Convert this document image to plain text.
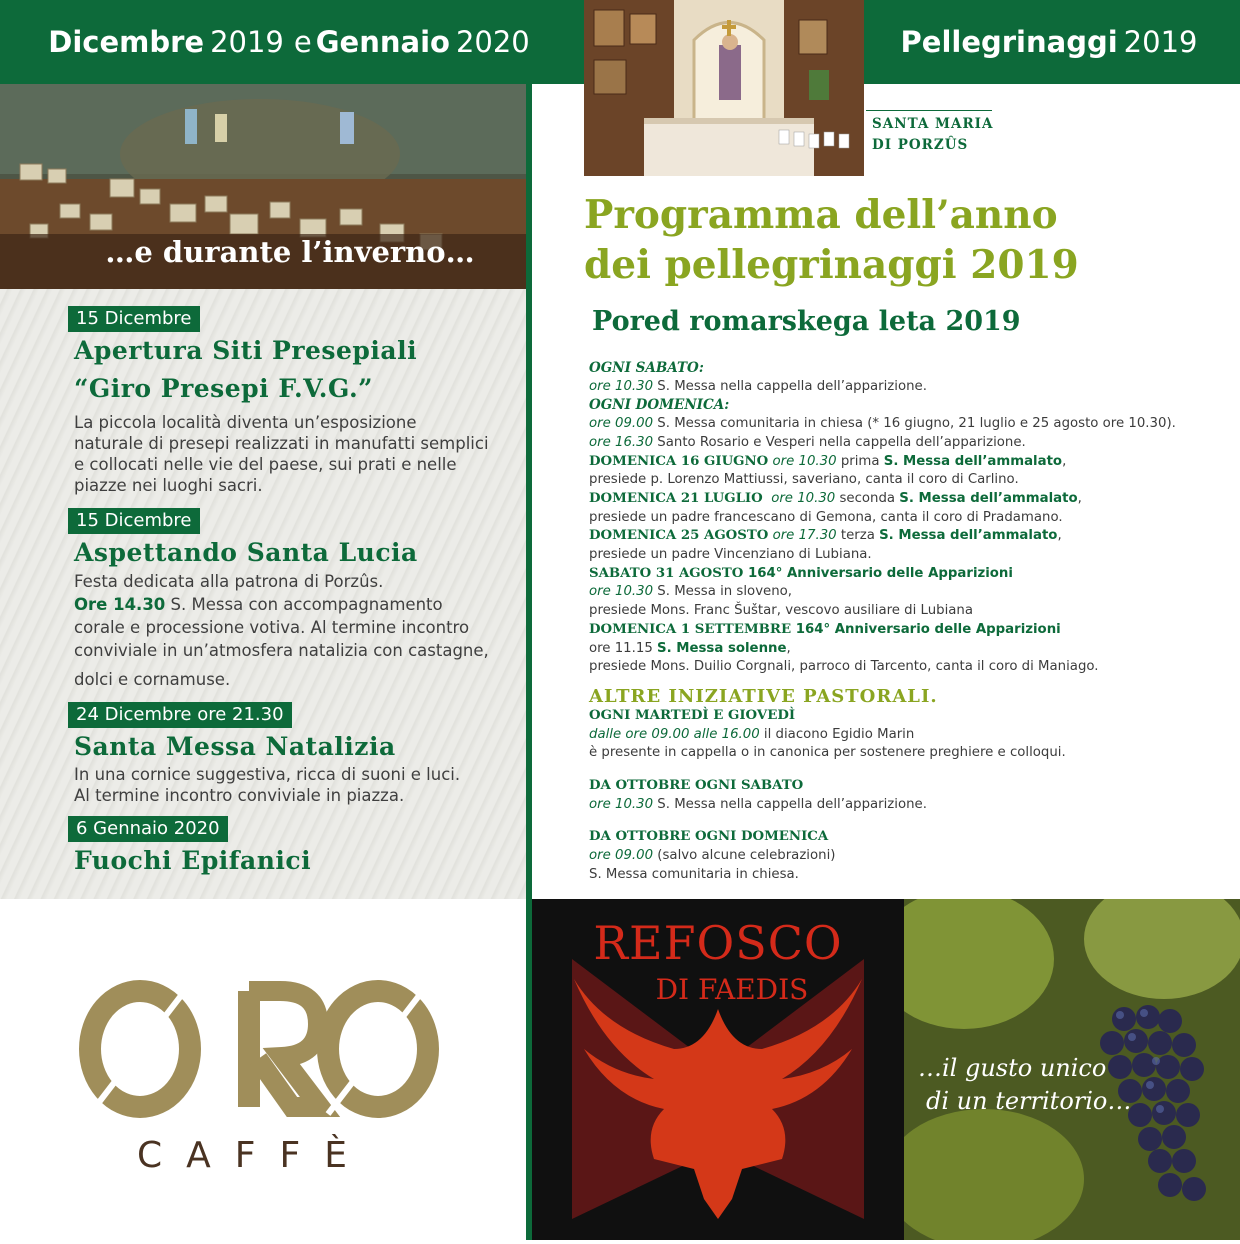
Dicembre 2019 e Gennaio 2020	Pellegrinaggi 2019
…e durante l’inverno…
15 Dicembre
Apertura Siti Presepiali
“Giro Presepi F.V.G.”
La piccola località diventa un’esposizione
naturale di presepi realizzati in manufatti semplici
e collocati nelle vie del paese, sui prati e nelle
piazze nei luoghi sacri.
15 Dicembre
Aspettando Santa Lucia
Festa dedicata alla patrona di Porzûs.
Ore 14.30 S. Messa con accompagnamento
corale e processione votiva. Al termine incontro
conviviale in un’atmosfera natalizia con castagne,
dolci e cornamuse.
24 Dicembre ore 21.30
Santa Messa Natalizia
In una cornice suggestiva, ricca di suoni e luci.
Al termine incontro conviviale in piazza.
6 Gennaio 2020
Fuochi Epifanici
SANTA MARIA
DI PORZÛS
Programma dell’anno
dei pellegrinaggi 2019
Pored romarskega leta 2019
OGNI SABATO:
ore 10.30 S. Messa nella cappella dell’apparizione.
OGNI DOMENICA:
ore 09.00 S. Messa comunitaria in chiesa (* 16 giugno, 21 luglio e 25 agosto ore 10.30).
ore 16.30 Santo Rosario e Vesperi nella cappella dell’apparizione.
DOMENICA 16 GIUGNO ore 10.30 prima S. Messa dell’ammalato,
presiede p. Lorenzo Mattiussi, saveriano, canta il coro di Carlino.
DOMENICA 21 LUGLIO  ore 10.30 seconda S. Messa dell’ammalato,
presiede un padre francescano di Gemona, canta il coro di Pradamano.
DOMENICA 25 AGOSTO ore 17.30 terza S. Messa dell’ammalato,
presiede un padre Vincenziano di Lubiana.
SABATO 31 AGOSTO 164° Anniversario delle Apparizioni
ore 10.30 S. Messa in sloveno,
presiede Mons. Franc Šuštar, vescovo ausiliare di Lubiana
DOMENICA 1 SETTEMBRE 164° Anniversario delle Apparizioni
ore 11.15 S. Messa solenne,
presiede Mons. Duilio Corgnali, parroco di Tarcento, canta il coro di Maniago.
ALTRE INIZIATIVE PASTORALI.
OGNI MARTEDÌ E GIOVEDÌ
dalle ore 09.00 alle 16.00 il diacono Egidio Marin
è presente in cappella o in canonica per sostenere preghiere e colloqui.
DA OTTOBRE OGNI SABATO
ore 10.30 S. Messa nella cappella dell’apparizione.
DA OTTOBRE OGNI DOMENICA
ore 09.00 (salvo alcune celebrazioni)
S. Messa comunitaria in chiesa.
CAFFÈ
REFOSCO
DI FAEDIS
…il gusto unico
di un territorio…
